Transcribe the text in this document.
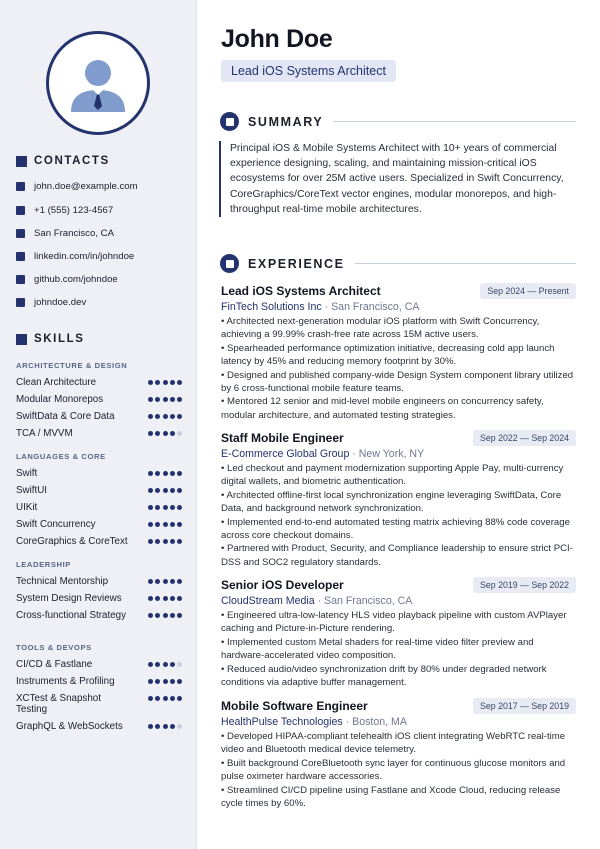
CONTACTS
john.doe@example.com
+1 (555) 123-4567
San Francisco, CA
linkedin.com/in/johndoe
github.com/johndoe
johndoe.dev
SKILLS
ARCHITECTURE & DESIGN
Clean Architecture
Modular Monorepos
SwiftData & Core Data
TCA / MVVM
LANGUAGES & CORE
Swift
SwiftUI
UIKit
Swift Concurrency
CoreGraphics & CoreText
LEADERSHIP
Technical Mentorship
System Design Reviews
Cross-functional Strategy
TOOLS & DEVOPS
CI/CD & Fastlane
Instruments & Profiling
XCTest & Snapshot Testing
GraphQL & WebSockets
John Doe
Lead iOS Systems Architect
SUMMARY
Principal iOS & Mobile Systems Architect with 10+ years of commercial experience designing, scaling, and maintaining mission-critical iOS ecosystems for over 25M active users. Specialized in Swift Concurrency, CoreGraphics/CoreText vector engines, modular monorepos, and high-throughput real-time mobile architectures.
EXPERIENCE
Lead iOS Systems Architect	Sep 2024 — Present
FinTech Solutions Inc · San Francisco, CA
• Architected next-generation modular iOS platform with Swift Concurrency, achieving a 99.99% crash-free rate across 15M active users.
• Spearheaded performance optimization initiative, decreasing cold app launch latency by 45% and reducing memory footprint by 30%.
• Designed and published company-wide Design System component library utilized by 6 cross-functional mobile feature teams.
• Mentored 12 senior and mid-level mobile engineers on concurrency safety, modular architecture, and automated testing strategies.
Staff Mobile Engineer	Sep 2022 — Sep 2024
E-Commerce Global Group · New York, NY
• Led checkout and payment modernization supporting Apple Pay, multi-currency digital wallets, and biometric authentication.
• Architected offline-first local synchronization engine leveraging SwiftData, Core Data, and background network synchronization.
• Implemented end-to-end automated testing matrix achieving 88% code coverage across core checkout domains.
• Partnered with Product, Security, and Compliance leadership to ensure strict PCI-DSS and SOC2 regulatory standards.
Senior iOS Developer	Sep 2019 — Sep 2022
CloudStream Media · San Francisco, CA
• Engineered ultra-low-latency HLS video playback pipeline with custom AVPlayer caching and Picture-in-Picture rendering.
• Implemented custom Metal shaders for real-time video filter preview and hardware-accelerated video composition.
• Reduced audio/video synchronization drift by 80% under degraded network conditions via adaptive buffer management.
Mobile Software Engineer	Sep 2017 — Sep 2019
HealthPulse Technologies · Boston, MA
• Developed HIPAA-compliant telehealth iOS client integrating WebRTC real-time video and Bluetooth medical device telemetry.
• Built background CoreBluetooth sync layer for continuous glucose monitors and pulse oximeter hardware accessories.
• Streamlined CI/CD pipeline using Fastlane and Xcode Cloud, reducing release cycle times by 60%.
